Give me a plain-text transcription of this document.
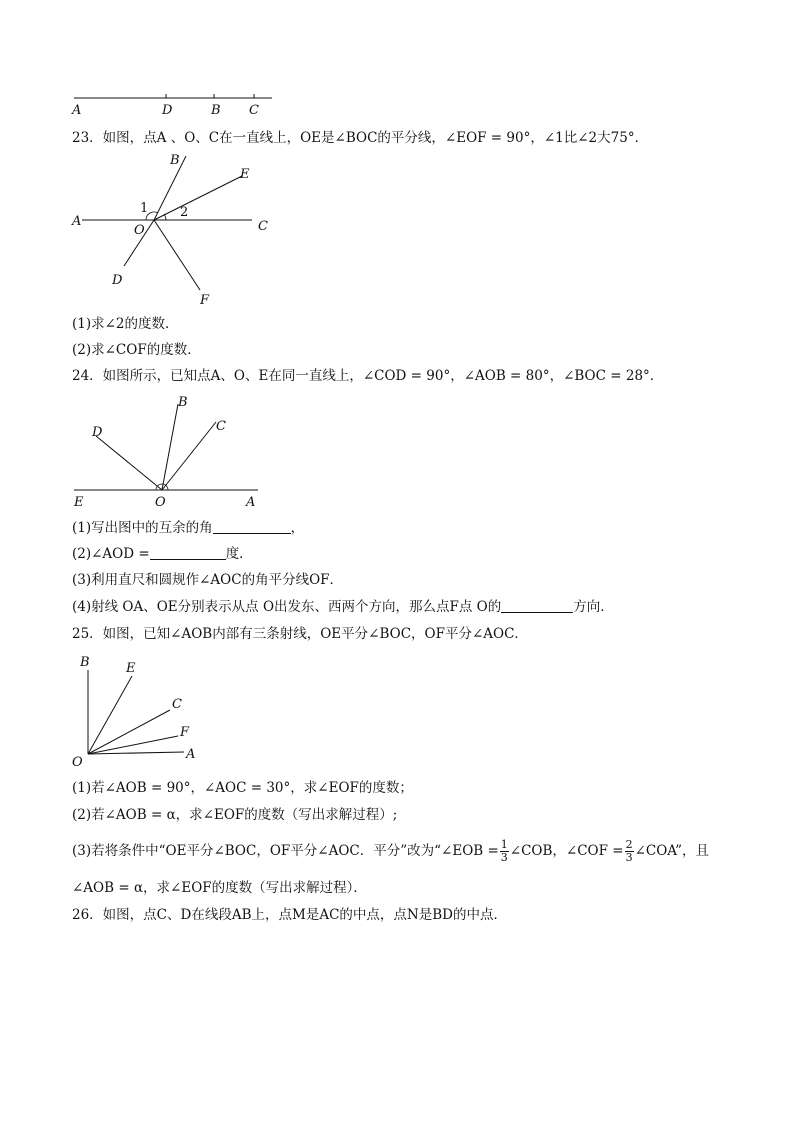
A	D	B C
23．如图，点A 、O、C在一直线上，OE是∠BOC的平分线，∠EOF = 90°，∠1比∠2大75°．
A
O	C
B
E
D
F
1 2
(1)求∠2的度数．
(2)求∠COF的度数．
24．如图所示，已知点A、O、E在同一直线上，∠COD = 90°，∠AOB = 80°，∠BOC = 28°．
E	O	A
D
B
C
(1)写出图中的互余的角	，
(2)∠AOD =	度．
(3)利用直尺和圆规作∠AOC的角平分线OF．
(4)射线 OA、OE分别表示从点 O出发东、西两个方向，那么点F点 O的	方向．
25．如图，已知∠AOB内部有三条射线，OE平分∠BOC，OF平分∠AOC．
B	E
C
F
O
A
(1)若∠AOB = 90°，∠AOC = 30°，求∠EOF的度数；
(2)若∠AOB = α，求∠EOF的度数（写出求解过程）;
(3)若将条件中“OE平分∠BOC，OF平分∠AOC．平分”改为“∠EOB = $\frac{1}{3}$ ∠COB，∠COF = $\frac{2}{3}$ ∠COA”，且
∠AOB = α，求∠EOF的度数（写出求解过程）．
26．如图，点C、D在线段AB上，点M是AC的中点，点N是BD的中点．
